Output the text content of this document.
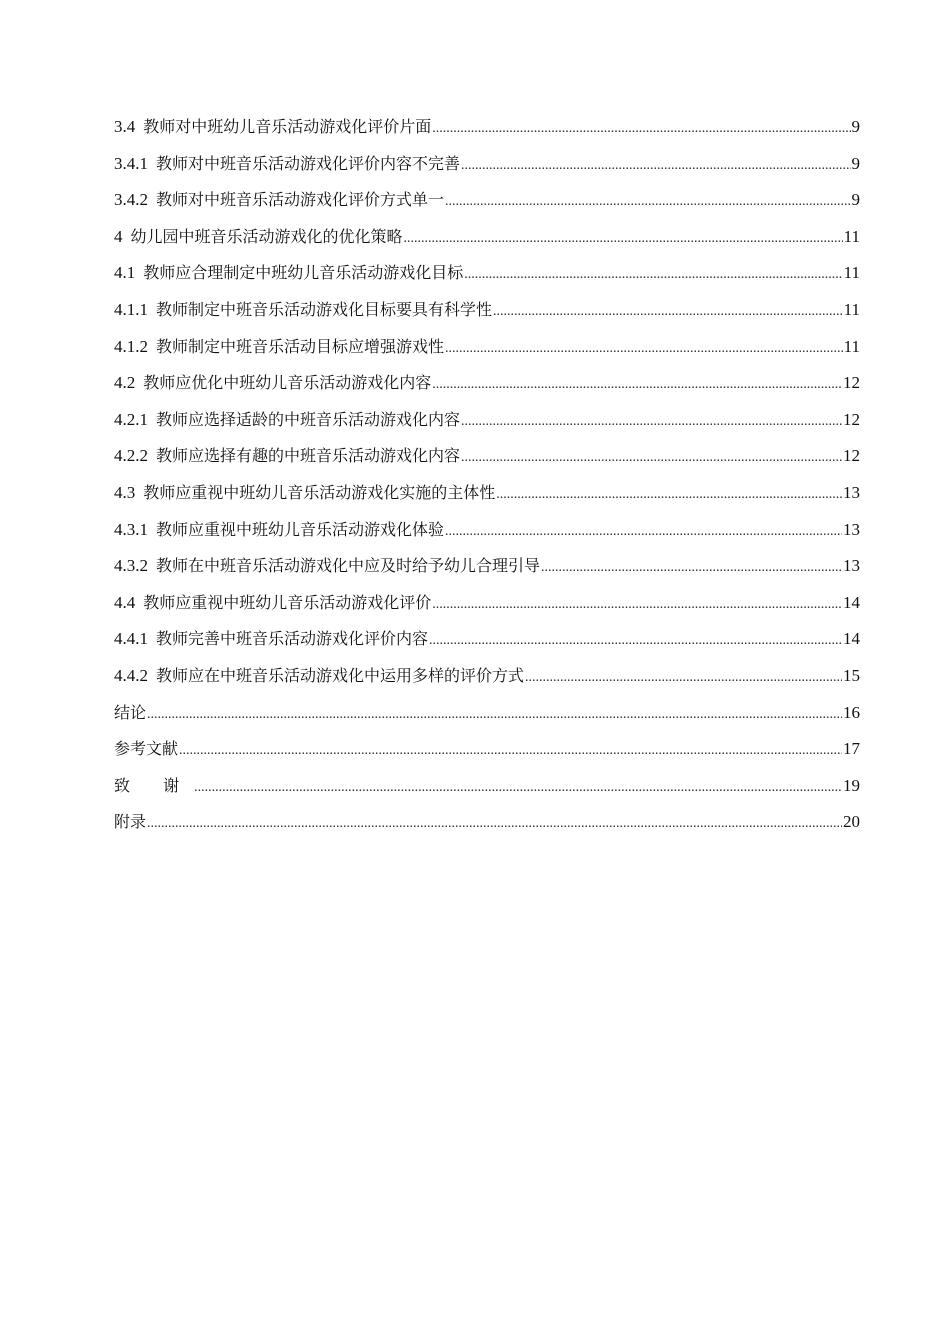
3.4 教师对中班幼儿音乐活动游戏化评价片面 .....	9
3.4.1 教师对中班音乐活动游戏化评价内容不完善 .....	9
3.4.2 教师对中班音乐活动游戏化评价方式单一 .....	9
4 幼儿园中班音乐活动游戏化的优化策略 .....	11
4.1 教师应合理制定中班幼儿音乐活动游戏化目标 .....	11
4.1.1 教师制定中班音乐活动游戏化目标要具有科学性 .....	11
4.1.2 教师制定中班音乐活动目标应增强游戏性 .....	11
4.2 教师应优化中班幼儿音乐活动游戏化内容 .....	12
4.2.1 教师应选择适龄的中班音乐活动游戏化内容 .....	12
4.2.2 教师应选择有趣的中班音乐活动游戏化内容 .....	12
4.3 教师应重视中班幼儿音乐活动游戏化实施的主体性 .....	13
4.3.1 教师应重视中班幼儿音乐活动游戏化体验 .....	13
4.3.2 教师在中班音乐活动游戏化中应及时给予幼儿合理引导 .....	13
4.4 教师应重视中班幼儿音乐活动游戏化评价 .....	14
4.4.1 教师完善中班音乐活动游戏化评价内容 .....	14
4.4.2 教师应在中班音乐活动游戏化中运用多样的评价方式 .....	15
结论 .....	16
参考文献 .....	17
致 谢 .....	19
附录 .....	20
